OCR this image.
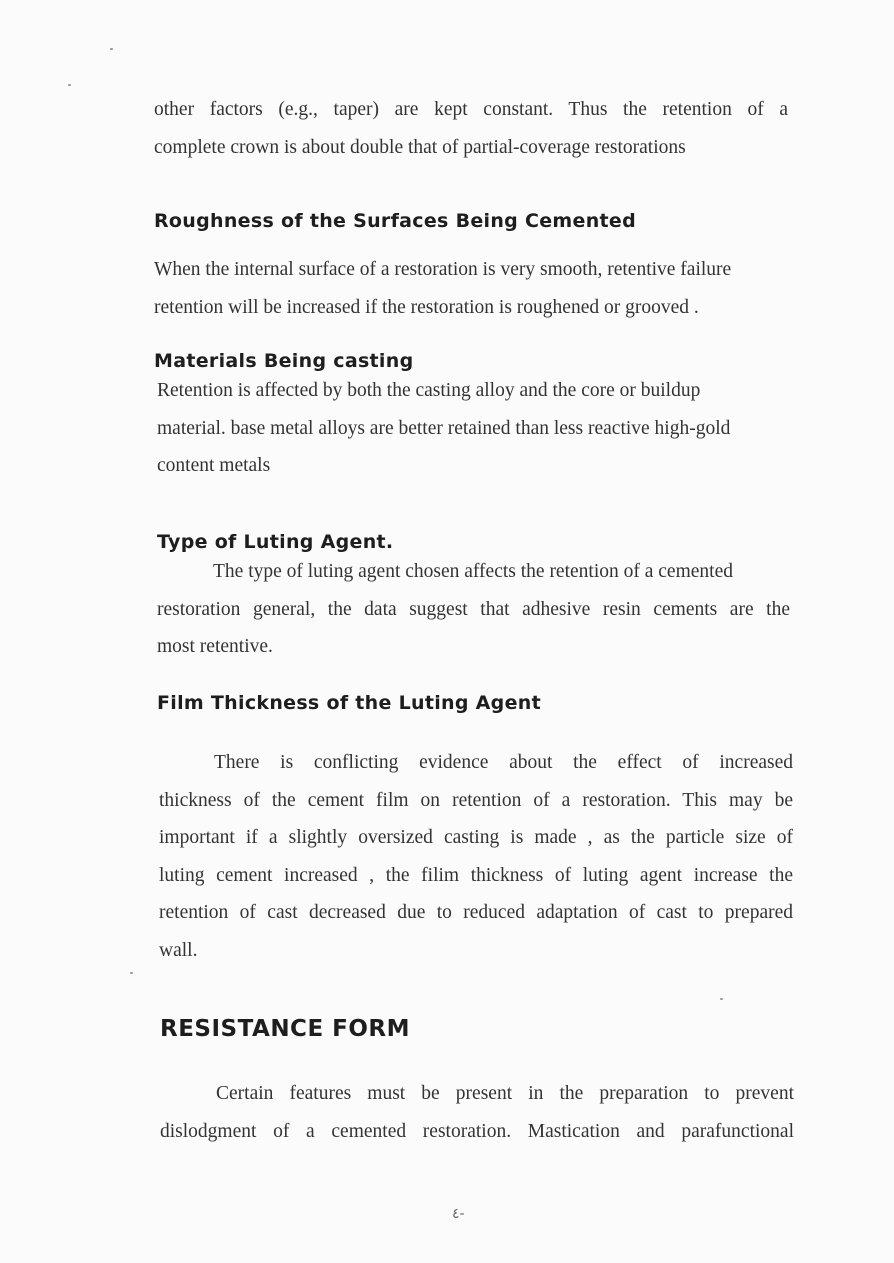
other factors (e.g., taper) are kept constant. Thus the retention of a
complete crown is about double that of partial-coverage restorations
Roughness of the Surfaces Being Cemented
When the internal surface of a restoration is very smooth, retentive failure
retention will be increased if the restoration is roughened or grooved .
Materials Being casting
Retention is affected by both the casting alloy and the core or buildup
material. base metal alloys are better retained than less reactive high-gold
content metals
Type of Luting Agent.
The type of luting agent chosen affects the retention of a cemented
restoration general, the data suggest that adhesive resin cements are the
most retentive.
Film Thickness of the Luting Agent
There is conflicting evidence about the effect of increased
thickness of the cement film on retention of a restoration. This may be
important if a slightly oversized casting is made , as the particle size of
luting cement increased , the filim thickness of luting agent increase the
retention of cast decreased due to reduced adaptation of cast to prepared
wall.
RESISTANCE FORM
Certain features must be present in the preparation to prevent
dislodgment of a cemented restoration. Mastication and parafunctional
٤-
